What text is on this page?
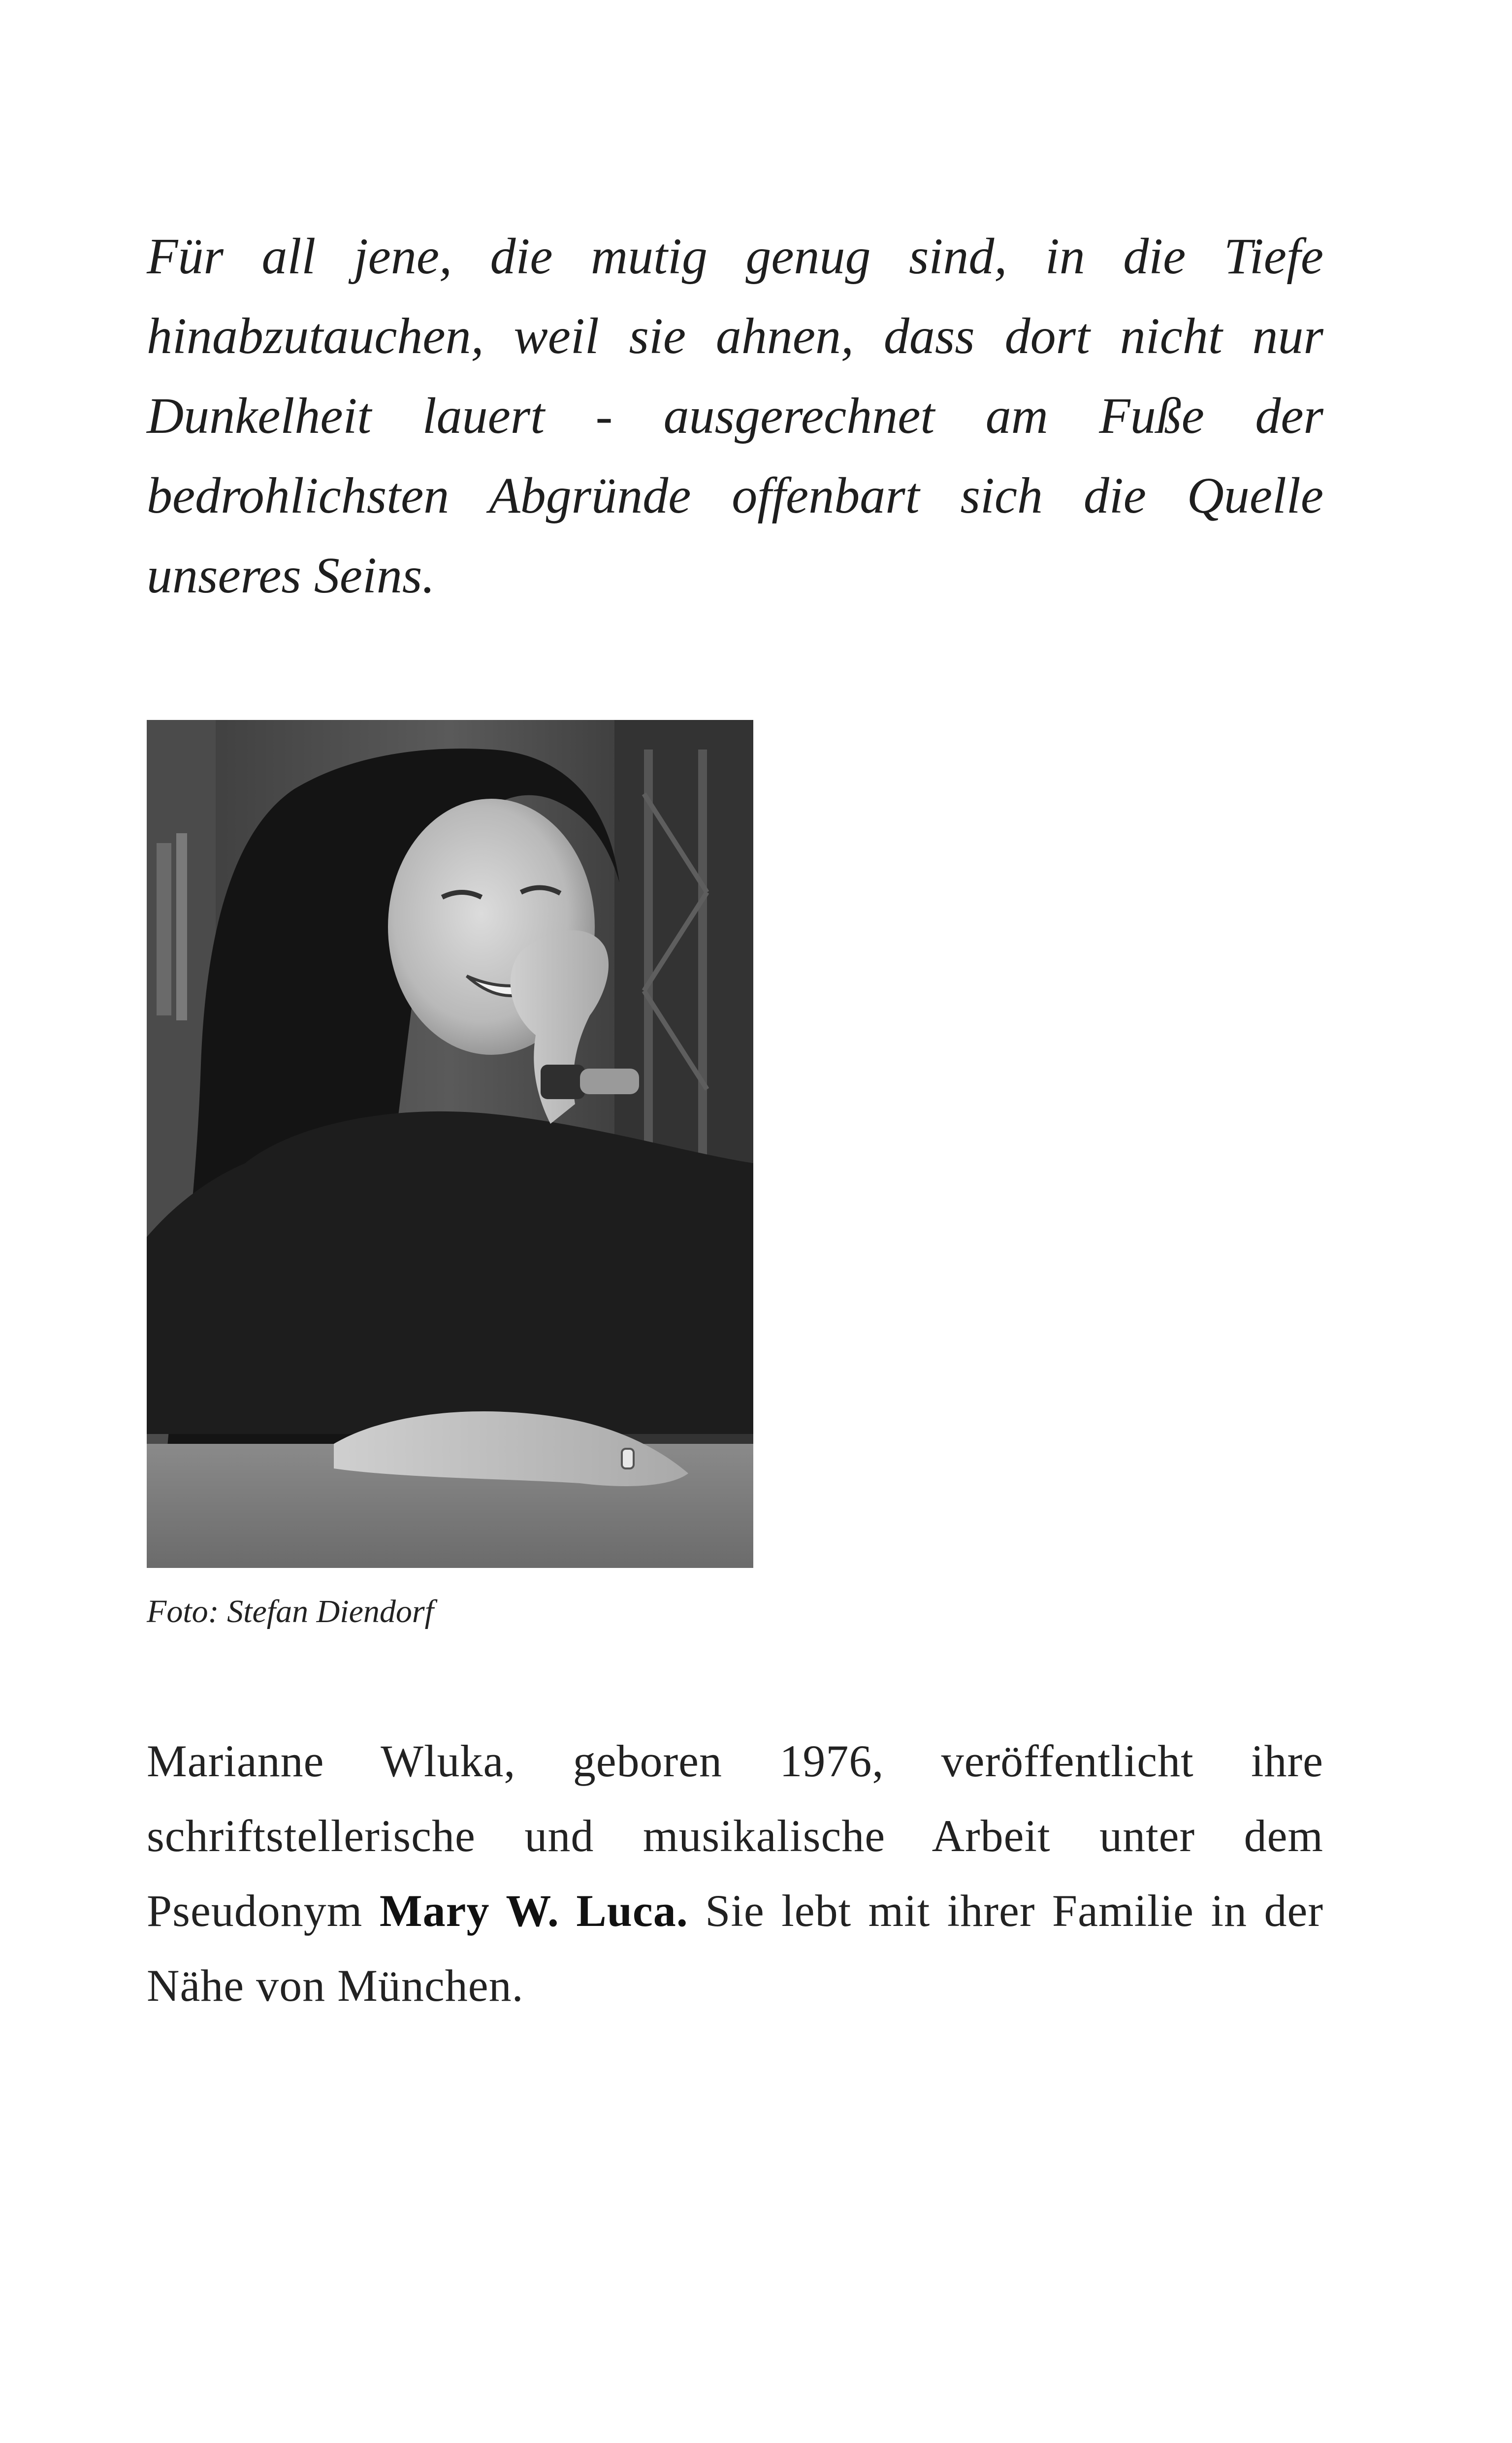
Für all jene, die mutig genug sind, in die Tiefe hinabzutauchen, weil sie ahnen, dass dort nicht nur Dunkelheit lauert - ausgerechnet am Fuße der bedrohlichsten Abgründe offenbart sich die Quelle unseres Seins.

Foto: Stefan Diendorf

Marianne Wluka, geboren 1976, veröffentlicht ihre schriftstellerische und musikalische Arbeit unter dem Pseudonym Mary W. Luca. Sie lebt mit ihrer Familie in der Nähe von München.
